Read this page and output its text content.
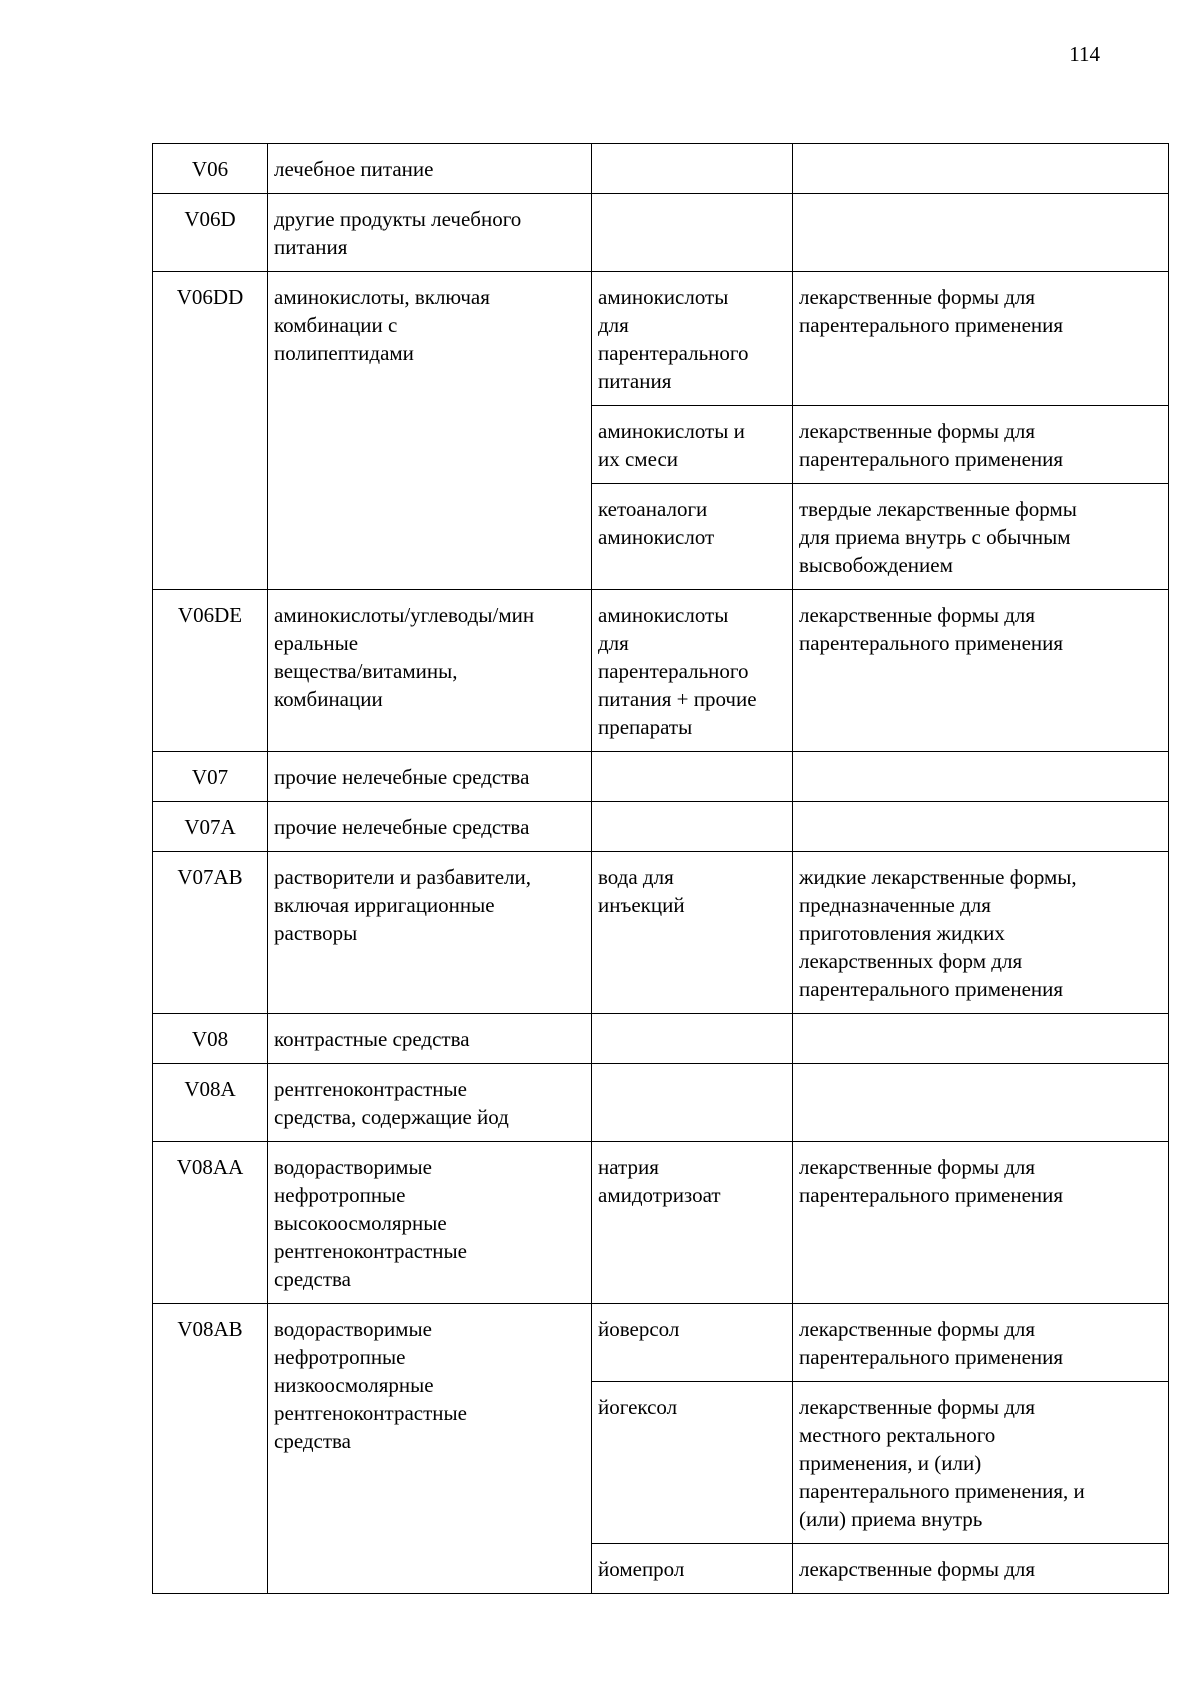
114
V06	лечебное питание		

V06D	другие продукты лечебного
питания		

V06DD	аминокислоты, включая
комбинации с
полипептидами	аминокислоты
для
парентерального
питания	лекарственные формы для
парентерального применения

		аминокислоты и
их смеси	лекарственные формы для
парентерального применения

		кетоаналоги
аминокислот	твердые лекарственные формы
для приема внутрь с обычным
высвобождением

V06DE	аминокислоты/углеводы/мин
еральные
вещества/витамины,
комбинации	аминокислоты
для
парентерального
питания + прочие
препараты	лекарственные формы для
парентерального применения

V07	прочие нелечебные средства		

V07A	прочие нелечебные средства		

V07AB	растворители и разбавители,
включая ирригационные
растворы	вода для
инъекций	жидкие лекарственные формы,
предназначенные для
приготовления жидких
лекарственных форм для
парентерального применения

V08	контрастные средства		

V08A	рентгеноконтрастные
средства, содержащие йод		

V08AA	водорастворимые
нефротропные
высокоосмолярные
рентгеноконтрастные
средства	натрия
амидотризоат	лекарственные формы для
парентерального применения

V08AB	водорастворимые
нефротропные
низкоосмолярные
рентгеноконтрастные
средства	йоверсол	лекарственные формы для
парентерального применения

		йогексол	лекарственные формы для
местного ректального
применения, и (или)
парентерального применения, и
(или) приема внутрь

		йомепрол	лекарственные формы для
